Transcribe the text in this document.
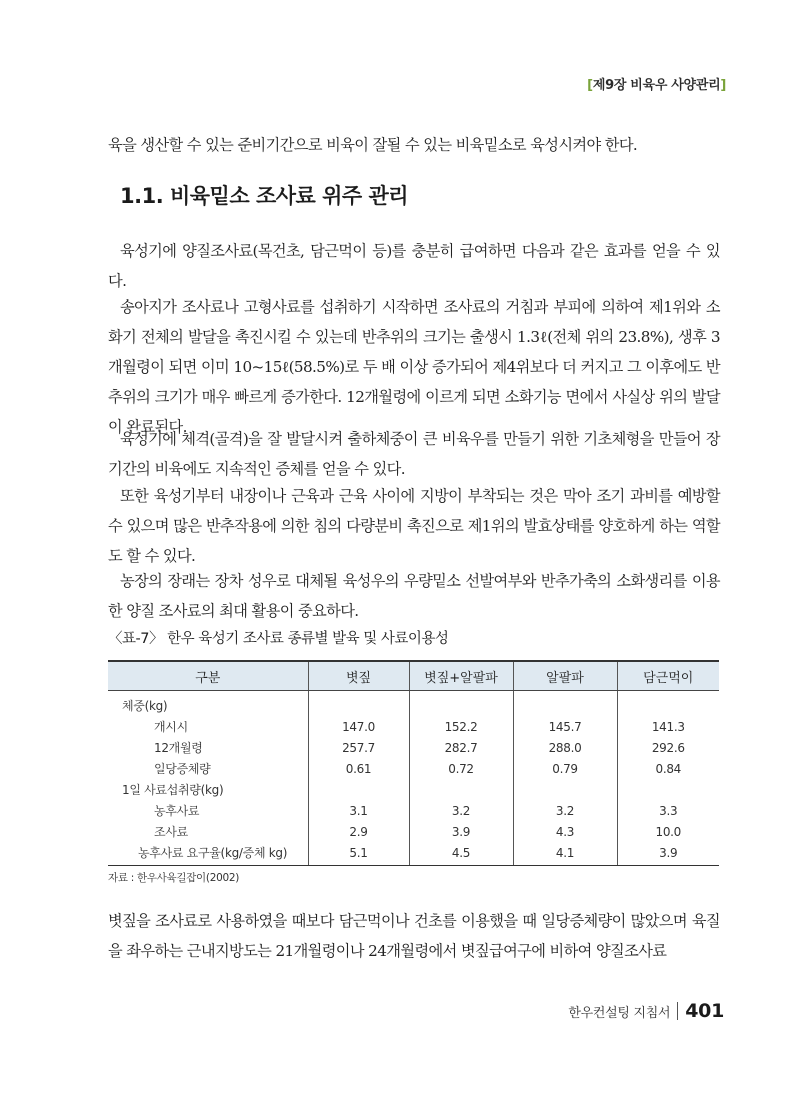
[제9장 비육우 사양관리]

육을 생산할 수 있는 준비기간으로 비육이 잘될 수 있는 비육밑소로 육성시켜야 한다.

1.1. 비육밑소 조사료 위주 관리

육성기에 양질조사료(목건초, 담근먹이 등)를 충분히 급여하면 다음과 같은 효과를 얻을 수 있다.

송아지가 조사료나 고형사료를 섭취하기 시작하면 조사료의 거침과 부피에 의하여 제1위와 소화기 전체의 발달을 촉진시킬 수 있는데 반추위의 크기는 출생시 1.3ℓ(전체 위의 23.8%), 생후 3개월령이 되면 이미 10~15ℓ(58.5%)로 두 배 이상 증가되어 제4위보다 더 커지고 그 이후에도 반추위의 크기가 매우 빠르게 증가한다. 12개월령에 이르게 되면 소화기능 면에서 사실상 위의 발달이 완료된다.

육성기에 체격(골격)을 잘 발달시켜 출하체중이 큰 비육우를 만들기 위한 기초체형을 만들어 장기간의 비육에도 지속적인 증체를 얻을 수 있다.

또한 육성기부터 내장이나 근육과 근육 사이에 지방이 부착되는 것은 막아 조기 과비를 예방할 수 있으며 많은 반추작용에 의한 침의 다량분비 촉진으로 제1위의 발효상태를 양호하게 하는 역할도 할 수 있다.

농장의 장래는 장차 성우로 대체될 육성우의 우량밑소 선발여부와 반추가축의 소화생리를 이용한 양질 조사료의 최대 활용이 중요하다.

〈표-7〉 한우 육성기 조사료 종류별 발육 및 사료이용성
구분	볏짚	볏짚+알팔파	알팔파	담근먹이
체중(kg)				
개시시	147.0	152.2	145.7	141.3
12개월령	257.7	282.7	288.0	292.6
일당증체량	0.61	0.72	0.79	0.84
1일 사료섭취량(kg)				
농후사료	3.1	3.2	3.2	3.3
조사료	2.9	3.9	4.3	10.0
농후사료 요구율(kg/증체 kg)	5.1	4.5	4.1	3.9
자료 : 한우사육길잡이(2002)

볏짚을 조사료로 사용하였을 때보다 담근먹이나 건초를 이용했을 때 일당증체량이 많았으며 육질을 좌우하는 근내지방도는 21개월령이나 24개월령에서 볏짚급여구에 비하여 양질조사료

한우컨설팅 지침서 401
